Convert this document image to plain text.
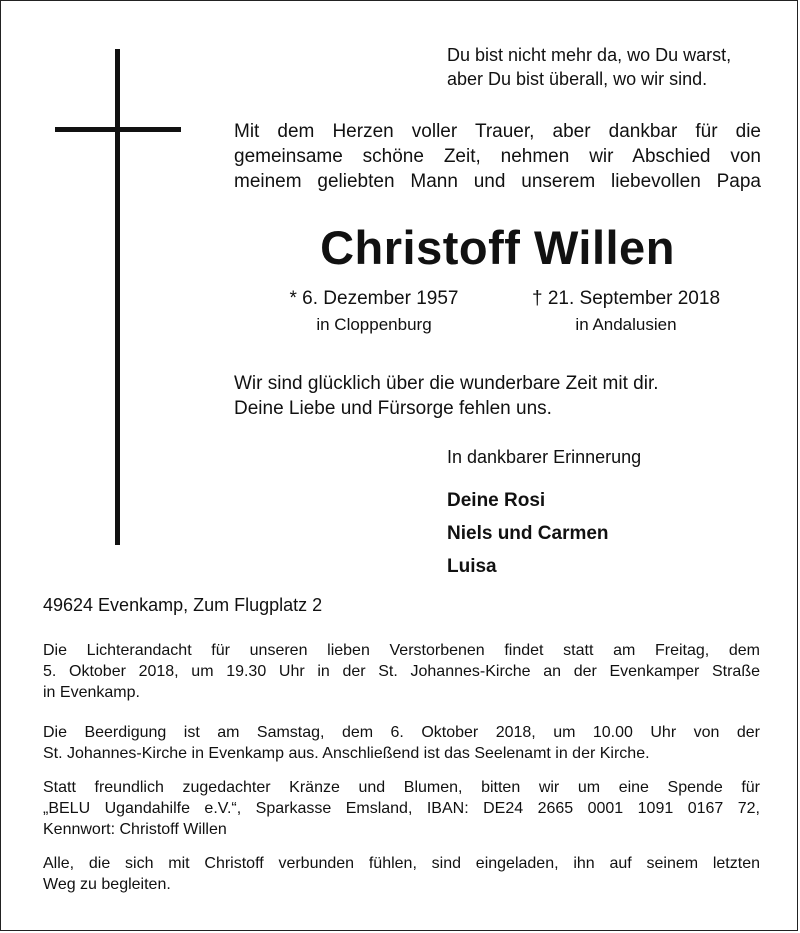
Du bist nicht mehr da, wo Du warst,
aber Du bist überall, wo wir sind.
Mit dem Herzen voller Trauer, aber dankbar für die
gemeinsame schöne Zeit, nehmen wir Abschied von
meinem geliebten Mann und unserem liebevollen Papa
Christoff Willen
* 6. Dezember 1957
in Cloppenburg
† 21. September 2018
in Andalusien
Wir sind glücklich über die wunderbare Zeit mit dir.
Deine Liebe und Fürsorge fehlen uns.
In dankbarer Erinnerung
Deine Rosi
Niels und Carmen
Luisa
49624 Evenkamp, Zum Flugplatz 2
Die Lichterandacht für unseren lieben Verstorbenen findet statt am Freitag, dem
5. Oktober 2018, um 19.30 Uhr in der St. Johannes-Kirche an der Evenkamper Straße
in Evenkamp.
Die Beerdigung ist am Samstag, dem 6. Oktober 2018, um 10.00 Uhr von der
St. Johannes-Kirche in Evenkamp aus. Anschließend ist das Seelenamt in der Kirche.
Statt freundlich zugedachter Kränze und Blumen, bitten wir um eine Spende für
„BELU Ugandahilfe e.V.“, Sparkasse Emsland, IBAN: DE24 2665 0001 1091 0167 72,
Kennwort: Christoff Willen
Alle, die sich mit Christoff verbunden fühlen, sind eingeladen, ihn auf seinem letzten
Weg zu begleiten.
